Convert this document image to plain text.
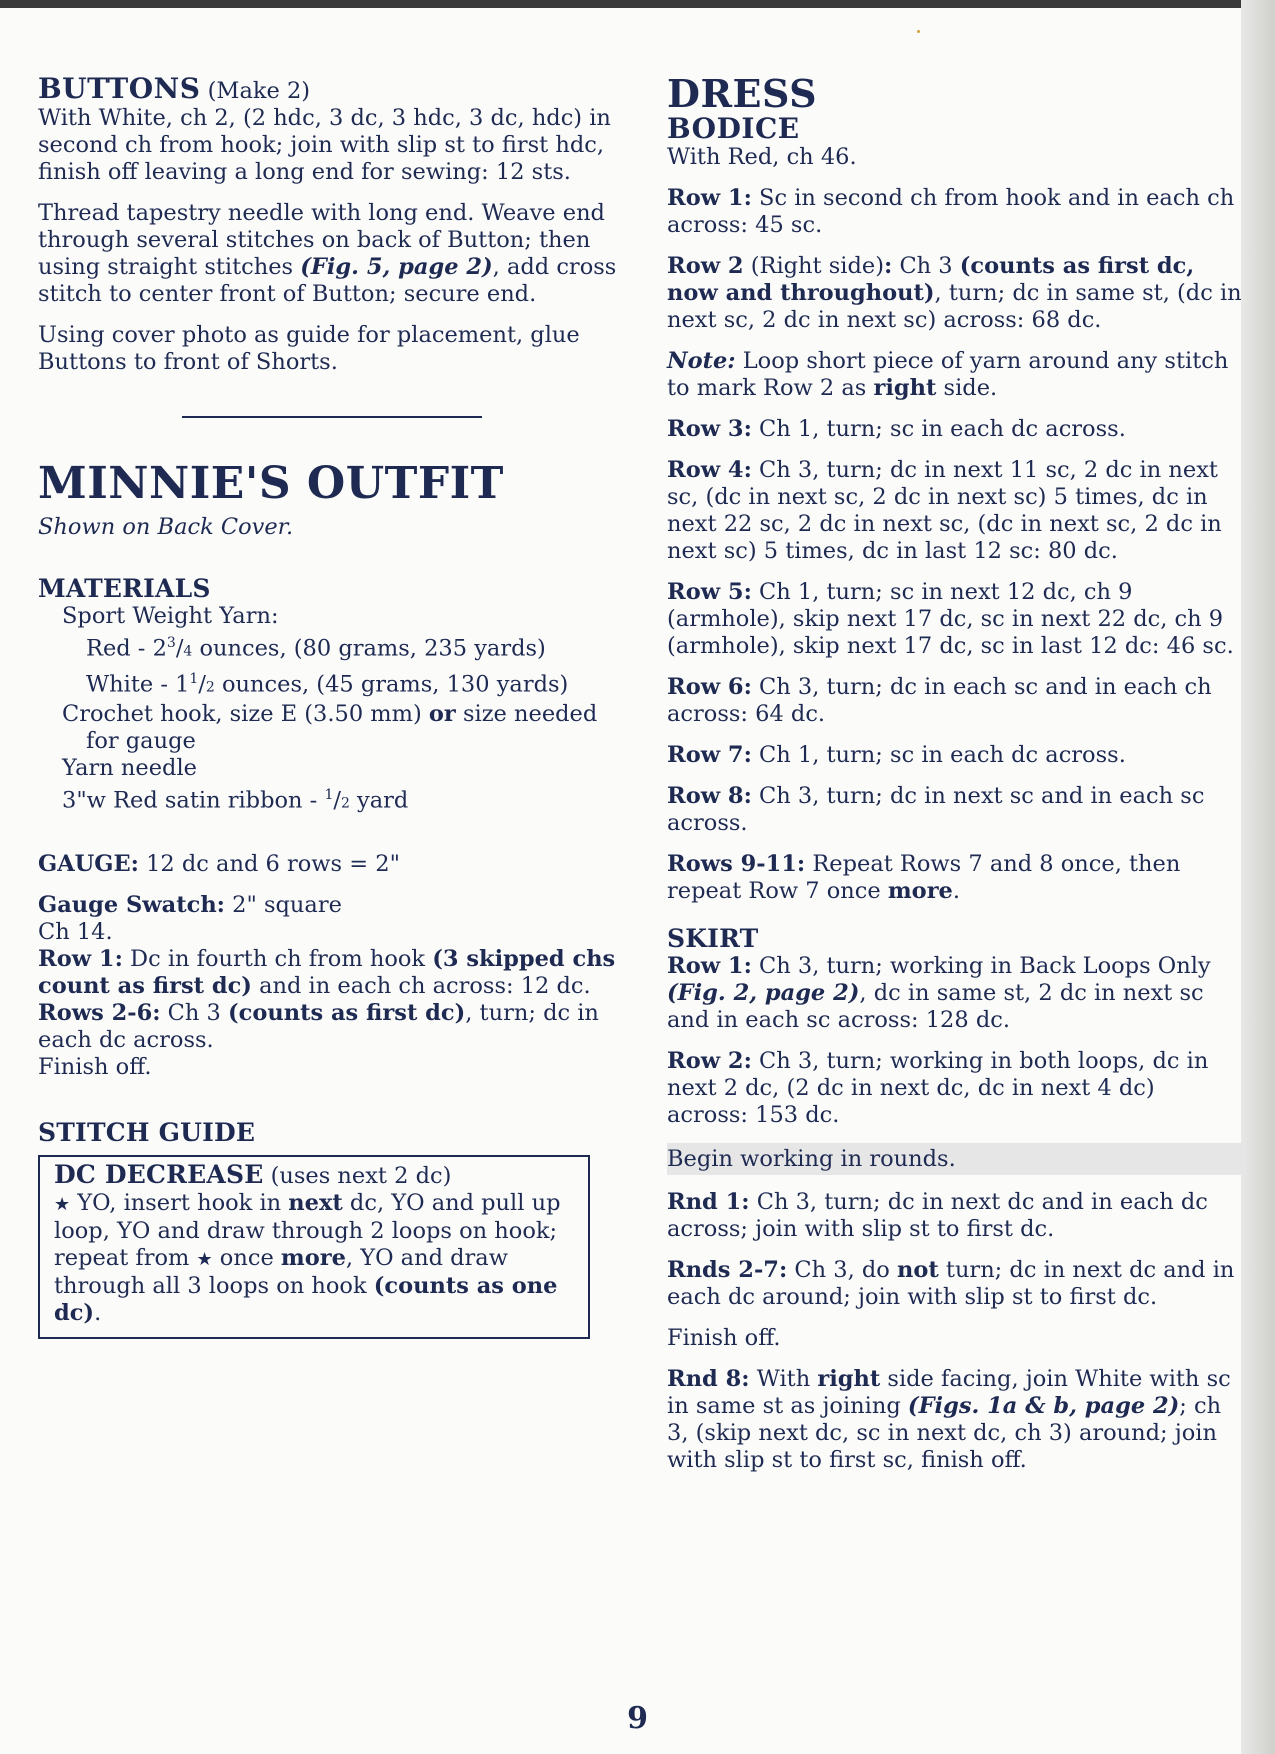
BUTTONS (Make 2)

With White, ch 2, (2 hdc, 3 dc, 3 hdc, 3 dc, hdc) in second ch from hook; join with slip st to first hdc, finish off leaving a long end for sewing: 12 sts.

Thread tapestry needle with long end. Weave end through several stitches on back of Button; then using straight stitches (Fig. 5, page 2), add cross stitch to center front of Button; secure end.

Using cover photo as guide for placement, glue Buttons to front of Shorts.

MINNIE'S OUTFIT

Shown on Back Cover.

MATERIALS

Sport Weight Yarn:

Red - $2^3/4$ ounces, (80 grams, 235 yards)

White - $1^1/2$ ounces, (45 grams, 130 yards)

Crochet hook, size E (3.50 mm) or size needed

for gauge

Yarn needle

3"w Red satin ribbon - $^1$/2 yard

GAUGE: 12 dc and 6 rows = 2"

Gauge Swatch: 2" square

Ch 14.

Row 1: Dc in fourth ch from hook (3 skipped chs count as first dc) and in each ch across: 12 dc.

Rows 2-6: Ch 3 (counts as first dc), turn; dc in each dc across.

Finish off.

STITCH GUIDE

DC DECREASE (uses next 2 dc)

★ YO, insert hook in next dc, YO and pull up loop, YO and draw through 2 loops on hook; repeat from ★ once more, YO and draw through all 3 loops on hook (counts as one dc).

DRESS
BODICE

With Red, ch 46.

Row 1: Sc in second ch from hook and in each ch across: 45 sc.

Row 2 (Right side): Ch 3 (counts as first dc, now and throughout), turn; dc in same st, (dc in next sc, 2 dc in next sc) across: 68 dc.

Note: Loop short piece of yarn around any stitch to mark Row 2 as right side.

Row 3: Ch 1, turn; sc in each dc across.

Row 4: Ch 3, turn; dc in next 11 sc, 2 dc in next sc, (dc in next sc, 2 dc in next sc) 5 times, dc in next 22 sc, 2 dc in next sc, (dc in next sc, 2 dc in next sc) 5 times, dc in last 12 sc: 80 dc.

Row 5: Ch 1, turn; sc in next 12 dc, ch 9 (armhole), skip next 17 dc, sc in next 22 dc, ch 9 (armhole), skip next 17 dc, sc in last 12 dc: 46 sc.

Row 6: Ch 3, turn; dc in each sc and in each ch across: 64 dc.

Row 7: Ch 1, turn; sc in each dc across.

Row 8: Ch 3, turn; dc in next sc and in each sc across.

Rows 9-11: Repeat Rows 7 and 8 once, then repeat Row 7 once more.

SKIRT

Row 1: Ch 3, turn; working in Back Loops Only (Fig. 2, page 2), dc in same st, 2 dc in next sc and in each sc across: 128 dc.

Row 2: Ch 3, turn; working in both loops, dc in next 2 dc, (2 dc in next dc, dc in next 4 dc) across: 153 dc.

Begin working in rounds.

Rnd 1: Ch 3, turn; dc in next dc and in each dc across; join with slip st to first dc.

Rnds 2-7: Ch 3, do not turn; dc in next dc and in each dc around; join with slip st to first dc.

Finish off.

Rnd 8: With right side facing, join White with sc in same st as joining (Figs. 1a & b, page 2); ch 3, (skip next dc, sc in next dc, ch 3) around; join with slip st to first sc, finish off.

9
